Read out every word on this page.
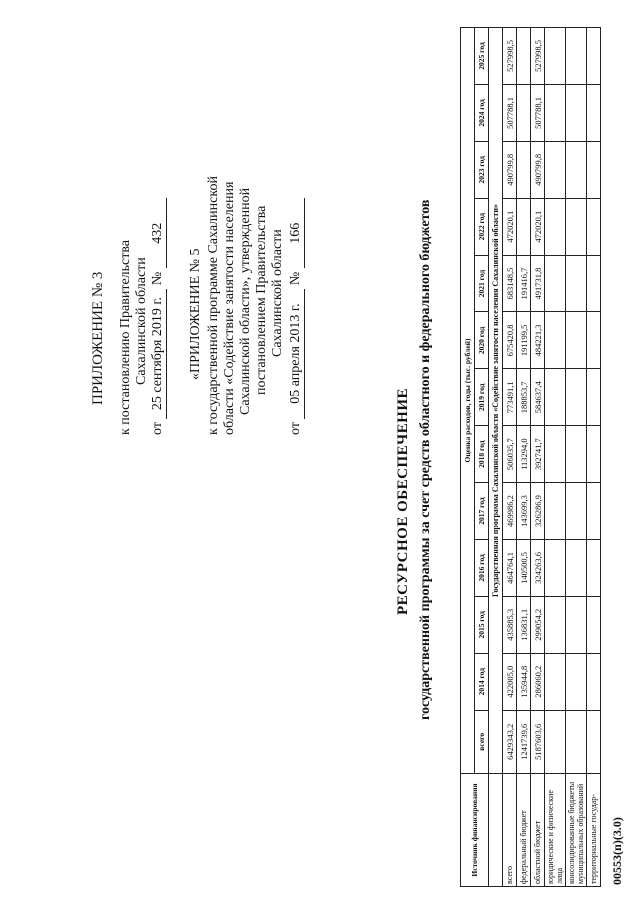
ПРИЛОЖЕНИЕ № 3 к постановлению Правительства Сахалинской области
от 25 сентября 2019 г. № 432
«ПРИЛОЖЕНИЕ № 5 к государственной программе Сахалинской области «Содействие занятости населения Сахалинской области», утвержденной постановлением Правительства Сахалинской области
от 05 апреля 2013 г. № 166
РЕСУРСНОЕ ОБЕСПЕЧЕНИЕ государственной программы за счет средств областного и федерального бюджетов
Источник финансирования	Оценка расходов, годы (тыс. рублей)												
	всего	2014 год	2015 год	2016 год	2017 год	2018 год	2019 год	2020 год	2021 год	2022 год	2023 год	2024 год	2025 год
	Государственная программа Сахалинской области «Содействие занятости населения Сахалинской области»												
всего	6429343,2	422005,0	435885,3	464764,1	469986,2	506035,7	773491,1	675420,8	683148,5	472020,1	490799,8	507788,1	527998,5
федеральный бюджет	1241739,6	135944,8	136831,1	140500,5	143699,3	113294,0	188853,7	191199,5	191416,7				
областной бюджет	5187603,6	286060,2	299054,2	324263,6	326286,9	392741,7	584637,4	484221,3	491731,8	472020,1	490799,8	507788,1	527998,5
юридические и физические лица													
консолидированные бюджеты муниципальных образований													
территориальные государ-													00553(п)(3.0)
